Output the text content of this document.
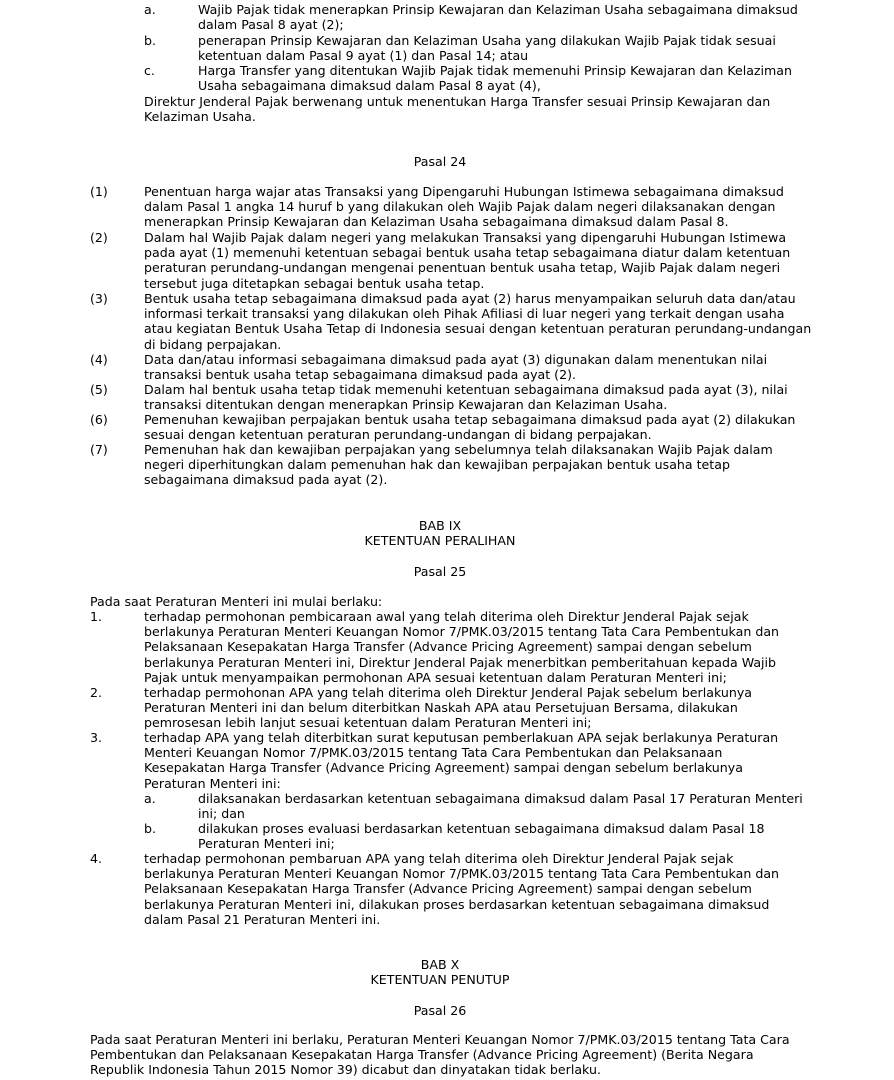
a.	Wajib Pajak tidak menerapkan Prinsip Kewajaran dan Kelaziman Usaha sebagaimana dimaksud
dalam Pasal 8 ayat (2);
b.	penerapan Prinsip Kewajaran dan Kelaziman Usaha yang dilakukan Wajib Pajak tidak sesuai
ketentuan dalam Pasal 9 ayat (1) dan Pasal 14; atau
c.	Harga Transfer yang ditentukan Wajib Pajak tidak memenuhi Prinsip Kewajaran dan Kelaziman
Usaha sebagaimana dimaksud dalam Pasal 8 ayat (4),
Direktur Jenderal Pajak berwenang untuk menentukan Harga Transfer sesuai Prinsip Kewajaran dan
Kelaziman Usaha.
Pasal 24
(1)	Penentuan harga wajar atas Transaksi yang Dipengaruhi Hubungan Istimewa sebagaimana dimaksud
dalam Pasal 1 angka 14 huruf b yang dilakukan oleh Wajib Pajak dalam negeri dilaksanakan dengan
menerapkan Prinsip Kewajaran dan Kelaziman Usaha sebagaimana dimaksud dalam Pasal 8.
(2)	Dalam hal Wajib Pajak dalam negeri yang melakukan Transaksi yang dipengaruhi Hubungan Istimewa
pada ayat (1) memenuhi ketentuan sebagai bentuk usaha tetap sebagaimana diatur dalam ketentuan
peraturan perundang-undangan mengenai penentuan bentuk usaha tetap, Wajib Pajak dalam negeri
tersebut juga ditetapkan sebagai bentuk usaha tetap.
(3)	Bentuk usaha tetap sebagaimana dimaksud pada ayat (2) harus menyampaikan seluruh data dan/atau
informasi terkait transaksi yang dilakukan oleh Pihak Afiliasi di luar negeri yang terkait dengan usaha
atau kegiatan Bentuk Usaha Tetap di Indonesia sesuai dengan ketentuan peraturan perundang-undangan
di bidang perpajakan.
(4)	Data dan/atau informasi sebagaimana dimaksud pada ayat (3) digunakan dalam menentukan nilai
transaksi bentuk usaha tetap sebagaimana dimaksud pada ayat (2).
(5)	Dalam hal bentuk usaha tetap tidak memenuhi ketentuan sebagaimana dimaksud pada ayat (3), nilai
transaksi ditentukan dengan menerapkan Prinsip Kewajaran dan Kelaziman Usaha.
(6)	Pemenuhan kewajiban perpajakan bentuk usaha tetap sebagaimana dimaksud pada ayat (2) dilakukan
sesuai dengan ketentuan peraturan perundang-undangan di bidang perpajakan.
(7)	Pemenuhan hak dan kewajiban perpajakan yang sebelumnya telah dilaksanakan Wajib Pajak dalam
negeri diperhitungkan dalam pemenuhan hak dan kewajiban perpajakan bentuk usaha tetap
sebagaimana dimaksud pada ayat (2).
BAB IX
KETENTUAN PERALIHAN
Pasal 25
Pada saat Peraturan Menteri ini mulai berlaku:
1.	terhadap permohonan pembicaraan awal yang telah diterima oleh Direktur Jenderal Pajak sejak
berlakunya Peraturan Menteri Keuangan Nomor 7/PMK.03/2015 tentang Tata Cara Pembentukan dan
Pelaksanaan Kesepakatan Harga Transfer (Advance Pricing Agreement) sampai dengan sebelum
berlakunya Peraturan Menteri ini, Direktur Jenderal Pajak menerbitkan pemberitahuan kepada Wajib
Pajak untuk menyampaikan permohonan APA sesuai ketentuan dalam Peraturan Menteri ini;
2.	terhadap permohonan APA yang telah diterima oleh Direktur Jenderal Pajak sebelum berlakunya
Peraturan Menteri ini dan belum diterbitkan Naskah APA atau Persetujuan Bersama, dilakukan
pemrosesan lebih lanjut sesuai ketentuan dalam Peraturan Menteri ini;
3.	terhadap APA yang telah diterbitkan surat keputusan pemberlakuan APA sejak berlakunya Peraturan
Menteri Keuangan Nomor 7/PMK.03/2015 tentang Tata Cara Pembentukan dan Pelaksanaan
Kesepakatan Harga Transfer (Advance Pricing Agreement) sampai dengan sebelum berlakunya
Peraturan Menteri ini:
a.	dilaksanakan berdasarkan ketentuan sebagaimana dimaksud dalam Pasal 17 Peraturan Menteri
ini; dan
b.	dilakukan proses evaluasi berdasarkan ketentuan sebagaimana dimaksud dalam Pasal 18
Peraturan Menteri ini;
4.	terhadap permohonan pembaruan APA yang telah diterima oleh Direktur Jenderal Pajak sejak
berlakunya Peraturan Menteri Keuangan Nomor 7/PMK.03/2015 tentang Tata Cara Pembentukan dan
Pelaksanaan Kesepakatan Harga Transfer (Advance Pricing Agreement) sampai dengan sebelum
berlakunya Peraturan Menteri ini, dilakukan proses berdasarkan ketentuan sebagaimana dimaksud
dalam Pasal 21 Peraturan Menteri ini.
BAB X
KETENTUAN PENUTUP
Pasal 26
Pada saat Peraturan Menteri ini berlaku, Peraturan Menteri Keuangan Nomor 7/PMK.03/2015 tentang Tata Cara
Pembentukan dan Pelaksanaan Kesepakatan Harga Transfer (Advance Pricing Agreement) (Berita Negara
Republik Indonesia Tahun 2015 Nomor 39) dicabut dan dinyatakan tidak berlaku.
